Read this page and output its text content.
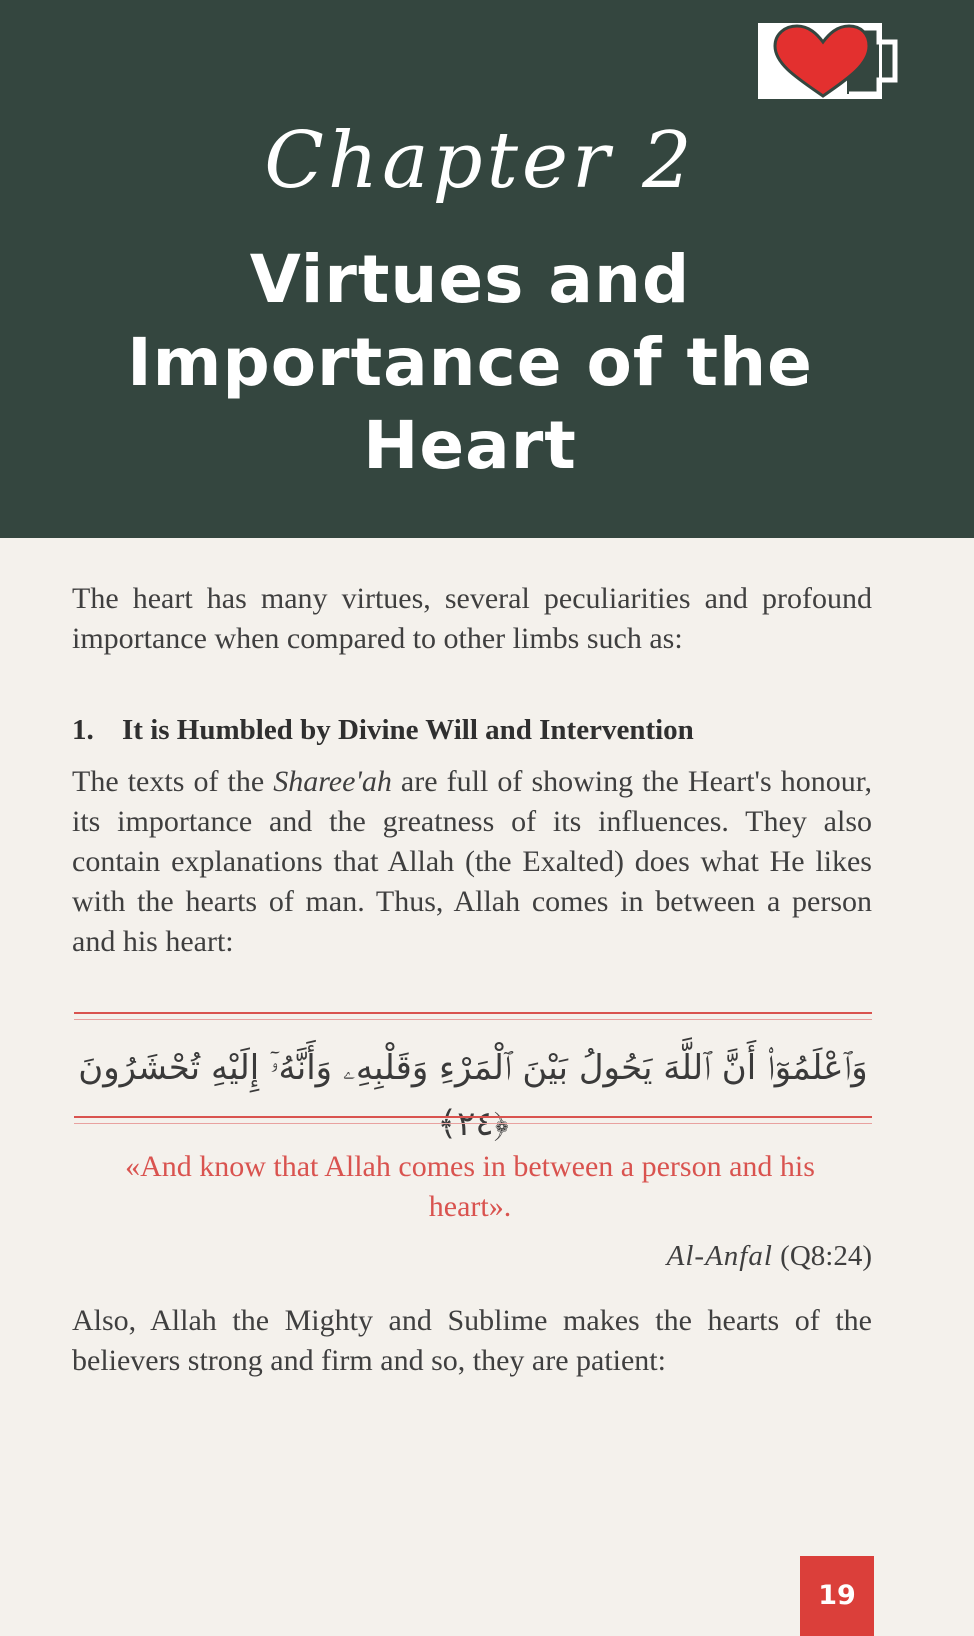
Chapter 2
Virtues and
Importance of the
Heart

The heart has many virtues, several peculiarities and profound importance when compared to other limbs such as:

1. It is Humbled by Divine Will and Intervention

The texts of the Sharee'ah are full of showing the Heart's honour, its importance and the greatness of its influences. They also contain explanations that Allah (the Exalted) does what He likes with the hearts of man. Thus, Allah comes in between a person and his heart:

وَٱعْلَمُوٓا۟ أَنَّ ٱللَّهَ يَحُولُ بَيْنَ ٱلْمَرْءِ وَقَلْبِهِۦ وَأَنَّهُۥٓ إِلَيْهِ تُحْشَرُونَ ﴿٢٤﴾

«And know that Allah comes in between a person and his heart».

Al-Anfal (Q8:24)

Also, Allah the Mighty and Sublime makes the hearts of the believers strong and firm and so, they are patient:

19
